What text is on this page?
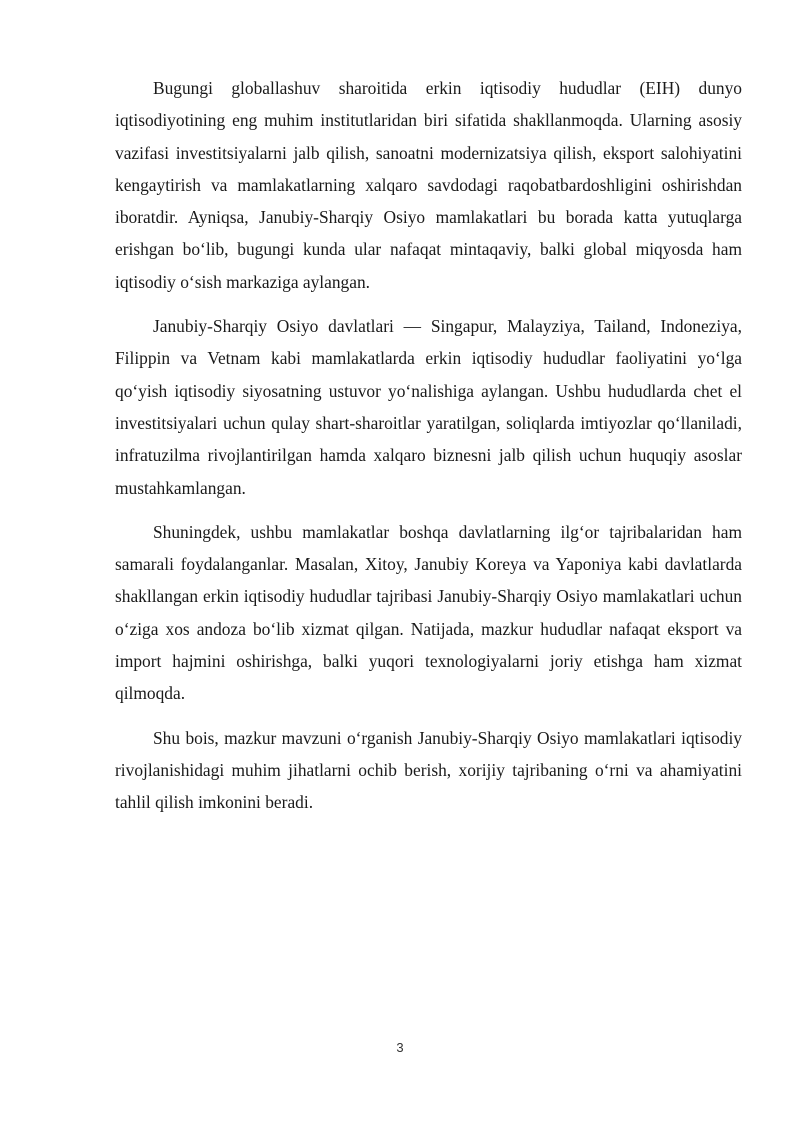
Bugungi globallashuv sharoitida erkin iqtisodiy hududlar (EIH) dunyo iqtisodiyotining eng muhim institutlaridan biri sifatida shakllanmoqda. Ularning asosiy vazifasi investitsiyalarni jalb qilish, sanoatni modernizatsiya qilish, eksport salohiyatini kengaytirish va mamlakatlarning xalqaro savdodagi raqobatbardoshligini oshirishdan iboratdir. Ayniqsa, Janubiy-Sharqiy Osiyo mamlakatlari bu borada katta yutuqlarga erishgan bo‘lib, bugungi kunda ular nafaqat mintaqaviy, balki global miqyosda ham iqtisodiy o‘sish markaziga aylangan.

Janubiy-Sharqiy Osiyo davlatlari — Singapur, Malayziya, Tailand, Indoneziya, Filippin va Vetnam kabi mamlakatlarda erkin iqtisodiy hududlar faoliyatini yo‘lga qo‘yish iqtisodiy siyosatning ustuvor yo‘nalishiga aylangan. Ushbu hududlarda chet el investitsiyalari uchun qulay shart-sharoitlar yaratilgan, soliqlarda imtiyozlar qo‘llaniladi, infratuzilma rivojlantirilgan hamda xalqaro biznesni jalb qilish uchun huquqiy asoslar mustahkamlangan.

Shuningdek, ushbu mamlakatlar boshqa davlatlarning ilg‘or tajribalaridan ham samarali foydalanganlar. Masalan, Xitoy, Janubiy Koreya va Yaponiya kabi davlatlarda shakllangan erkin iqtisodiy hududlar tajribasi Janubiy-Sharqiy Osiyo mamlakatlari uchun o‘ziga xos andoza bo‘lib xizmat qilgan. Natijada, mazkur hududlar nafaqat eksport va import hajmini oshirishga, balki yuqori texnologiyalarni joriy etishga ham xizmat qilmoqda.

Shu bois, mazkur mavzuni o‘rganish Janubiy-Sharqiy Osiyo mamlakatlari iqtisodiy rivojlanishidagi muhim jihatlarni ochib berish, xorijiy tajribaning o‘rni va ahamiyatini tahlil qilish imkonini beradi.

3
